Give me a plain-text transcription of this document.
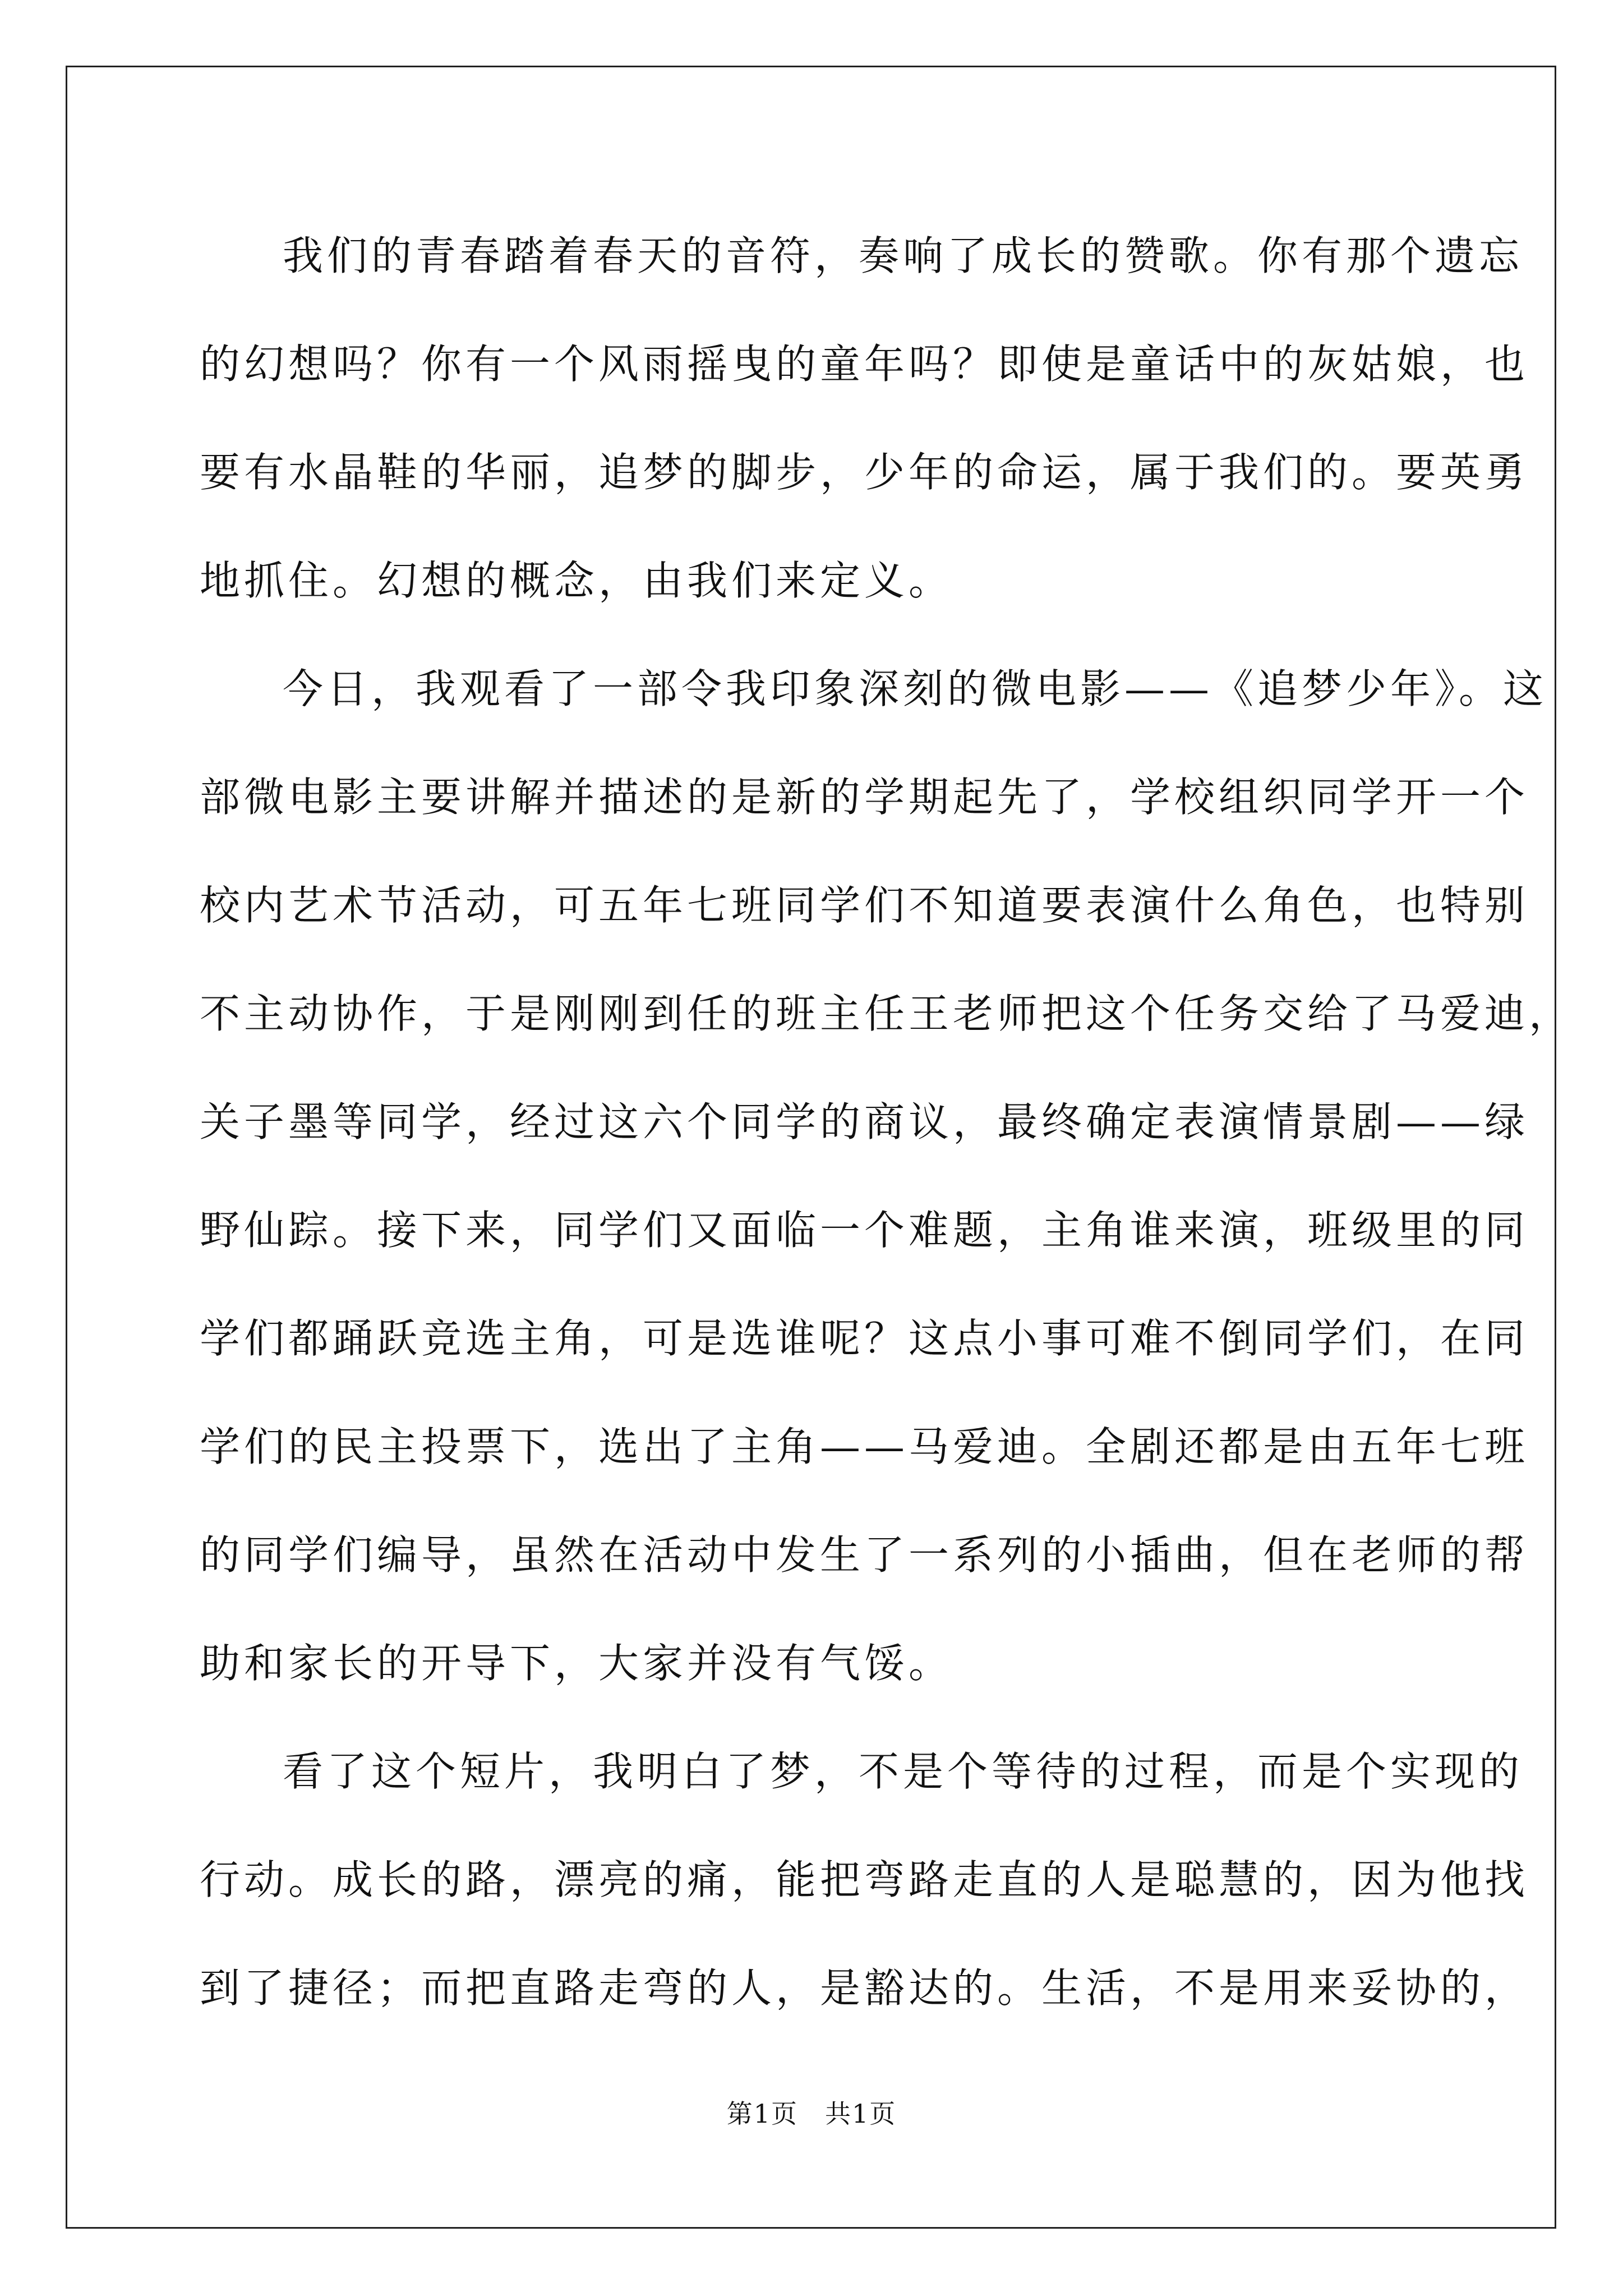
我们的青春踏着春天的音符，奏响了成长的赞歌。你有那个遗忘
的幻想吗？你有一个风雨摇曳的童年吗？即使是童话中的灰姑娘，也
要有水晶鞋的华丽，追梦的脚步，少年的命运，属于我们的。要英勇
地抓住。幻想的概念，由我们来定义。
今日，我观看了一部令我印象深刻的微电影——《追梦少年》。这
部微电影主要讲解并描述的是新的学期起先了，学校组织同学开一个
校内艺术节活动，可五年七班同学们不知道要表演什么角色，也特别
不主动协作，于是刚刚到任的班主任王老师把这个任务交给了马爱迪，
关子墨等同学，经过这六个同学的商议，最终确定表演情景剧——绿
野仙踪。接下来，同学们又面临一个难题，主角谁来演，班级里的同
学们都踊跃竞选主角，可是选谁呢？这点小事可难不倒同学们，在同
学们的民主投票下，选出了主角——马爱迪。全剧还都是由五年七班
的同学们编导，虽然在活动中发生了一系列的小插曲，但在老师的帮
助和家长的开导下，大家并没有气馁。
看了这个短片，我明白了梦，不是个等待的过程，而是个实现的
行动。成长的路，漂亮的痛，能把弯路走直的人是聪慧的，因为他找
到了捷径；而把直路走弯的人，是豁达的。生活，不是用来妥协的，
第1页　共1页
